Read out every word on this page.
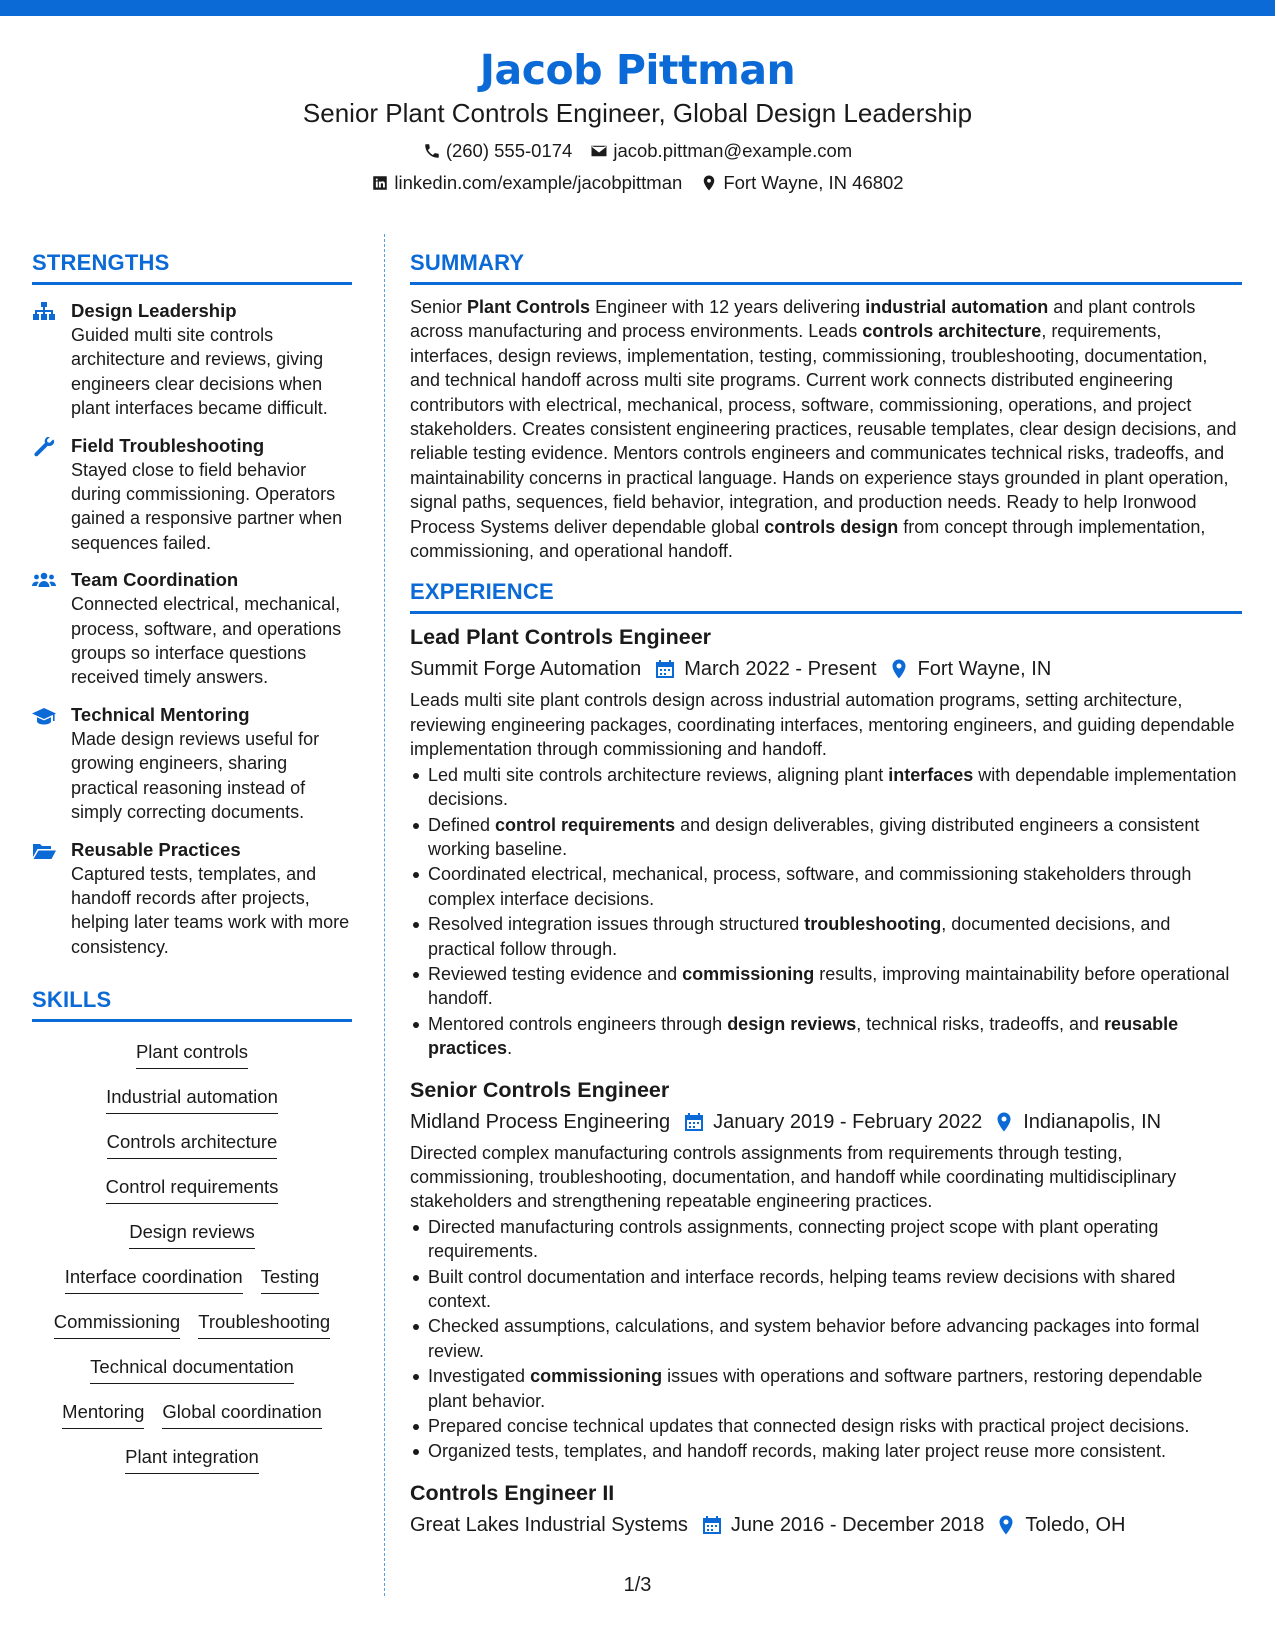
Jacob Pittman
Senior Plant Controls Engineer, Global Design Leadership
(260) 555-0174 jacob.pittman@example.com
linkedin.com/example/jacobpittman Fort Wayne, IN 46802
STRENGTHS
Design Leadership
Guided multi site controls architecture and reviews, giving engineers clear decisions when plant interfaces became difficult.
Field Troubleshooting
Stayed close to field behavior during commissioning. Operators gained a responsive partner when sequences failed.
Team Coordination
Connected electrical, mechanical, process, software, and operations groups so interface questions received timely answers.
Technical Mentoring
Made design reviews useful for growing engineers, sharing practical reasoning instead of simply correcting documents.
Reusable Practices
Captured tests, templates, and handoff records after projects, helping later teams work with more consistency.
SKILLS
Plant controls
Industrial automation
Controls architecture
Control requirements
Design reviews
Interface coordination Testing
Commissioning Troubleshooting
Technical documentation
Mentoring Global coordination
Plant integration
SUMMARY
Senior Plant Controls Engineer with 12 years delivering industrial automation and plant controls across manufacturing and process environments. Leads controls architecture, requirements, interfaces, design reviews, implementation, testing, commissioning, troubleshooting, documentation, and technical handoff across multi site programs. Current work connects distributed engineering contributors with electrical, mechanical, process, software, commissioning, operations, and project stakeholders. Creates consistent engineering practices, reusable templates, clear design decisions, and reliable testing evidence. Mentors controls engineers and communicates technical risks, tradeoffs, and maintainability concerns in practical language. Hands on experience stays grounded in plant operation, signal paths, sequences, field behavior, integration, and production needs. Ready to help Ironwood Process Systems deliver dependable global controls design from concept through implementation, commissioning, and operational handoff.
EXPERIENCE
Lead Plant Controls Engineer
Summit Forge Automation March 2022 - Present Fort Wayne, IN
Leads multi site plant controls design across industrial automation programs, setting architecture, reviewing engineering packages, coordinating interfaces, mentoring engineers, and guiding dependable implementation through commissioning and handoff.
Led multi site controls architecture reviews, aligning plant interfaces with dependable implementation decisions.
Defined control requirements and design deliverables, giving distributed engineers a consistent working baseline.
Coordinated electrical, mechanical, process, software, and commissioning stakeholders through complex interface decisions.
Resolved integration issues through structured troubleshooting, documented decisions, and practical follow through.
Reviewed testing evidence and commissioning results, improving maintainability before operational handoff.
Mentored controls engineers through design reviews, technical risks, tradeoffs, and reusable practices.
Senior Controls Engineer
Midland Process Engineering January 2019 - February 2022 Indianapolis, IN
Directed complex manufacturing controls assignments from requirements through testing, commissioning, troubleshooting, documentation, and handoff while coordinating multidisciplinary stakeholders and strengthening repeatable engineering practices.
Directed manufacturing controls assignments, connecting project scope with plant operating requirements.
Built control documentation and interface records, helping teams review decisions with shared context.
Checked assumptions, calculations, and system behavior before advancing packages into formal review.
Investigated commissioning issues with operations and software partners, restoring dependable plant behavior.
Prepared concise technical updates that connected design risks with practical project decisions.
Organized tests, templates, and handoff records, making later project reuse more consistent.
Controls Engineer II
Great Lakes Industrial Systems June 2016 - December 2018 Toledo, OH
1/3
